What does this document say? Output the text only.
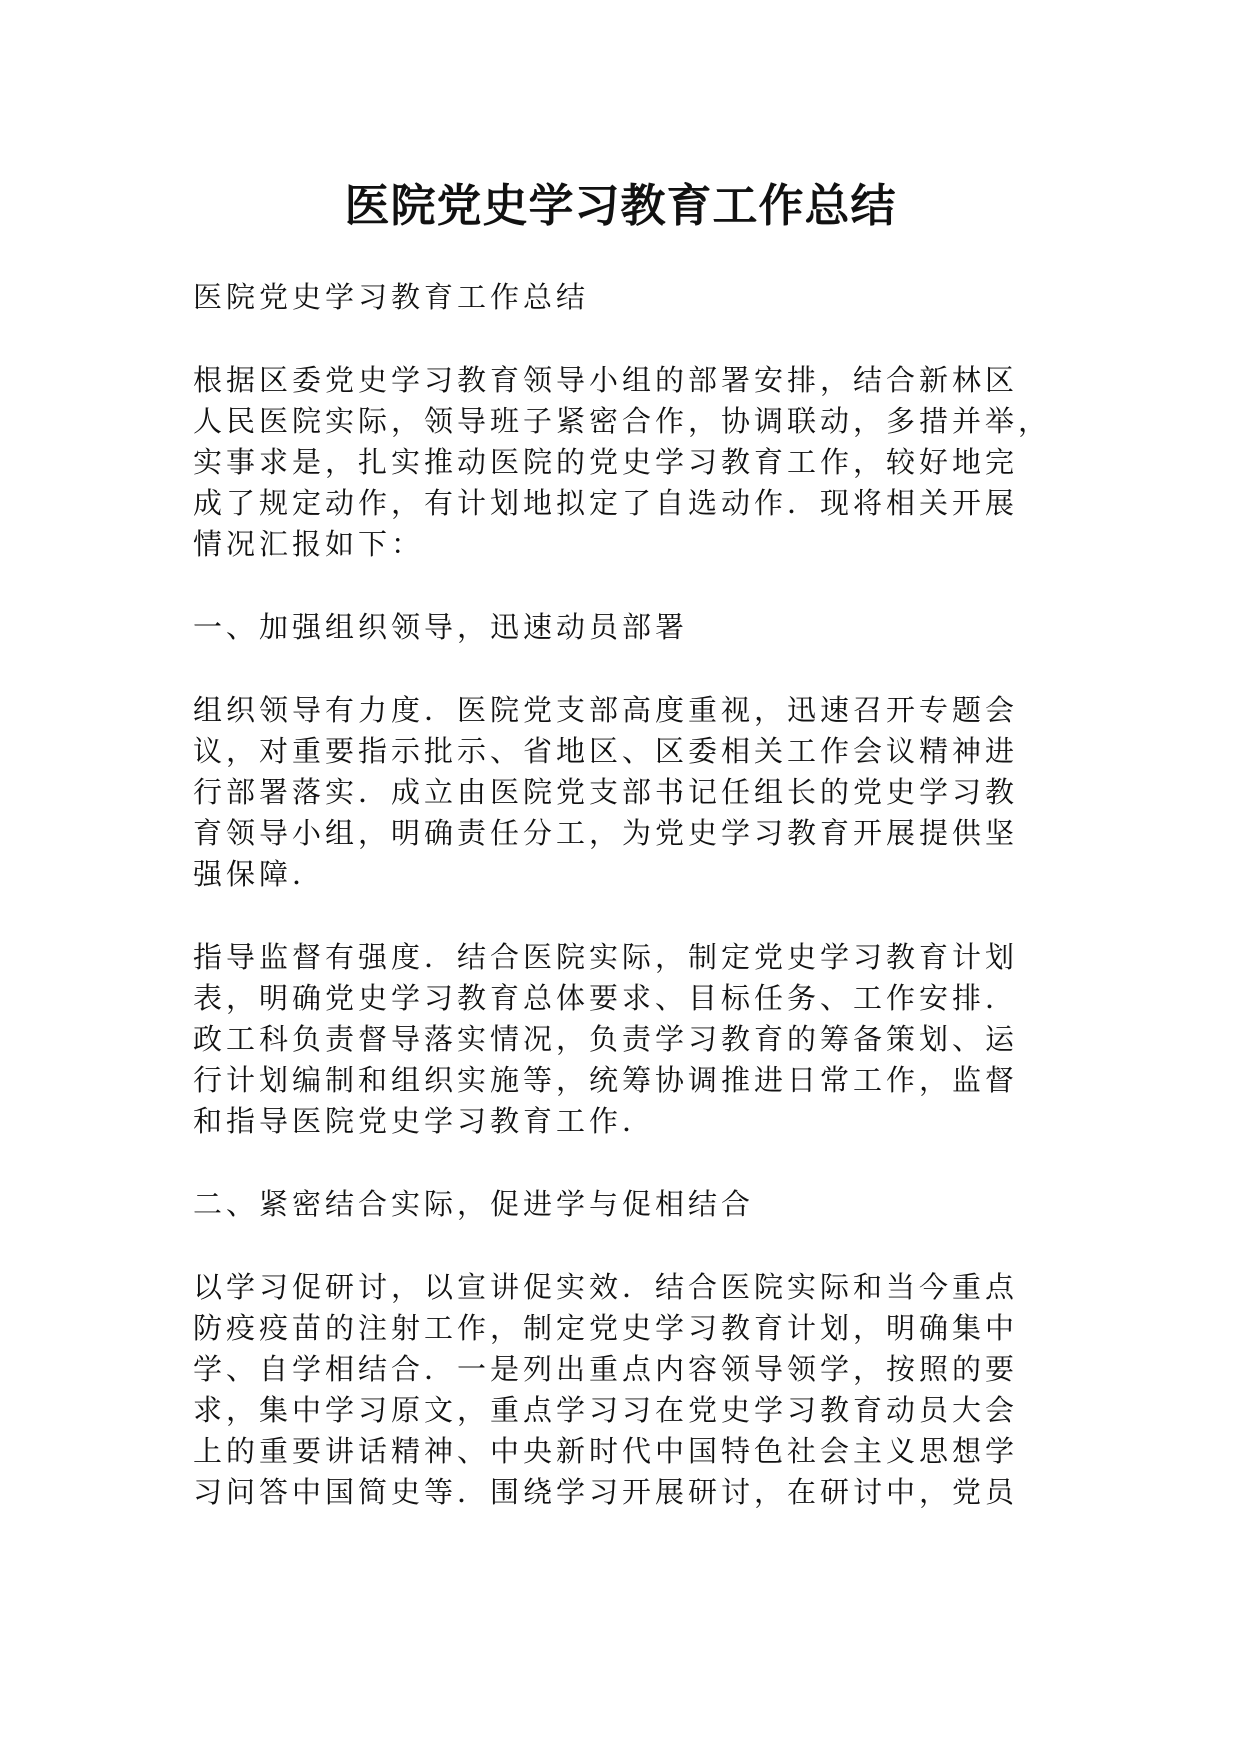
医院党史学习教育工作总结

医院党史学习教育工作总结

根据区委党史学习教育领导小组的部署安排，结合新林区
人民医院实际，领导班子紧密合作，协调联动，多措并举，
实事求是，扎实推动医院的党史学习教育工作，较好地完
成了规定动作，有计划地拟定了自选动作．现将相关开展
情况汇报如下：

一、加强组织领导，迅速动员部署

组织领导有力度．医院党支部高度重视，迅速召开专题会
议，对重要指示批示、省地区、区委相关工作会议精神进
行部署落实．成立由医院党支部书记任组长的党史学习教
育领导小组，明确责任分工，为党史学习教育开展提供坚
强保障．

指导监督有强度．结合医院实际，制定党史学习教育计划
表，明确党史学习教育总体要求、目标任务、工作安排．
政工科负责督导落实情况，负责学习教育的筹备策划、运
行计划编制和组织实施等，统筹协调推进日常工作，监督
和指导医院党史学习教育工作．

二、紧密结合实际，促进学与促相结合

以学习促研讨，以宣讲促实效．结合医院实际和当今重点
防疫疫苗的注射工作，制定党史学习教育计划，明确集中
学、自学相结合．一是列出重点内容领导领学，按照的要
求，集中学习原文，重点学习习在党史学习教育动员大会
上的重要讲话精神、中央新时代中国特色社会主义思想学
习问答中国简史等．围绕学习开展研讨，在研讨中，党员
